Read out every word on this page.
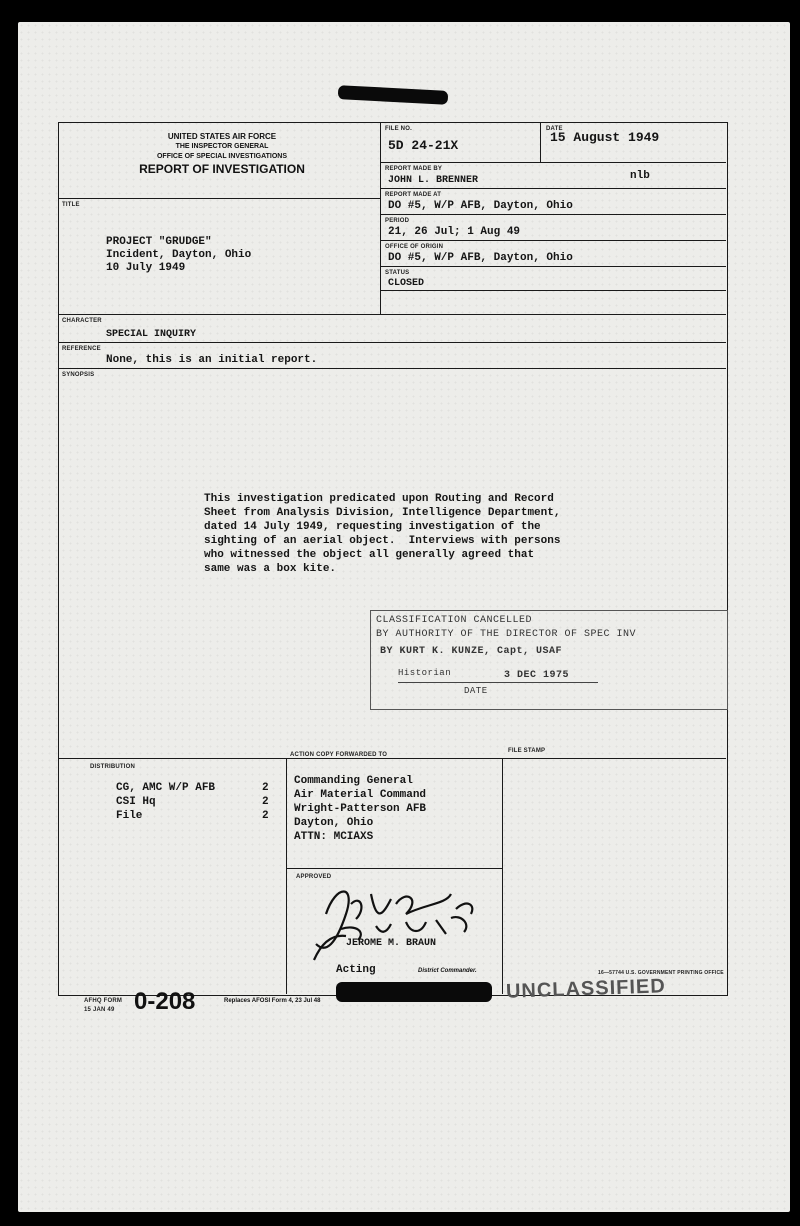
UNITED STATES AIR FORCE
THE INSPECTOR GENERAL
OFFICE OF SPECIAL INVESTIGATIONS
REPORT OF INVESTIGATION
FILE NO.
5D 24-21X
DATE
15 August 1949
REPORT MADE BY
JOHN L. BRENNER	nlb
REPORT MADE AT
DO #5, W/P AFB, Dayton, Ohio
PERIOD
21, 26 Jul; 1 Aug 49
OFFICE OF ORIGIN
DO #5, W/P AFB, Dayton, Ohio
STATUS
CLOSED
TITLE
PROJECT "GRUDGE"
Incident, Dayton, Ohio
10 July 1949
CHARACTER
SPECIAL INQUIRY
REFERENCE
None, this is an initial report.
SYNOPSIS
This investigation predicated upon Routing and Record
Sheet from Analysis Division, Intelligence Department,
dated 14 July 1949, requesting investigation of the
sighting of an aerial object.  Interviews with persons
who witnessed the object all generally agreed that
same was a box kite.
CLASSIFICATION CANCELLED
BY AUTHORITY OF THE DIRECTOR OF SPEC INV
BY KURT K. KUNZE, Capt, USAF
Historian	3 DEC 1975
DATE
DISTRIBUTION
CG, AMC W/P AFB	2
CSI Hq	2
File	2
ACTION COPY FORWARDED TO
Commanding General
Air Material Command
Wright-Patterson AFB
Dayton, Ohio
ATTN: MCIAXS
FILE STAMP
APPROVED
JEROME M. BRAUN
Acting	District Commander.
AFHQ FORM
15 JAN 49 0-208	Replaces AFOSI Form 4, 23 Jul 48	UNCLASSIFIED
16—57744 U.S. GOVERNMENT PRINTING OFFICE
